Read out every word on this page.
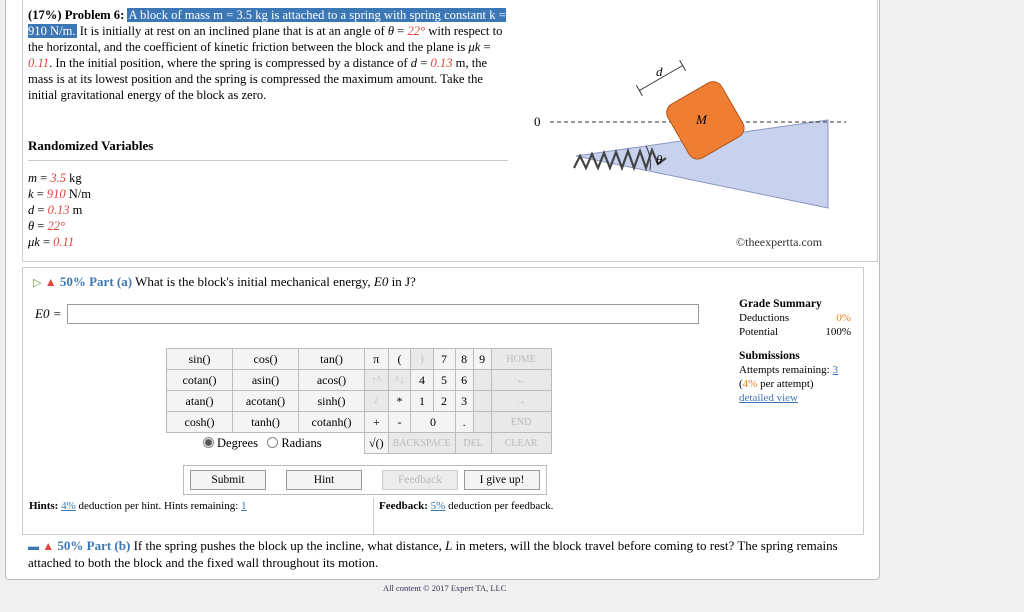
(17%) Problem 6: A block of mass m = 3.5 kg is attached to a spring with spring constant k = 910 N/m. It is initially at rest on an inclined plane that is at an angle of θ = 22° with respect to the horizontal, and the coefficient of kinetic friction between the block and the plane is μk = 0.11. In the initial position, where the spring is compressed by a distance of d = 0.13 m, the mass is at its lowest position and the spring is compressed the maximum amount. Take the initial gravitational energy of the block as zero.
Randomized Variables
m = 3.5 kg
k = 910 N/m
d = 0.13 m
θ = 22°
μk = 0.11
0	M
d
θ
©theexpertta.com
▷ ▲ 50% Part (a) What is the block's initial mechanical energy, E0 in J?
E0 =
Grade Summary
Deductions	0%
Potential	100%
Submissions
Attempts remaining: 3
(4% per attempt)
detailed view
sin()	cos()	tan()	π	(	)	7	8	9	HOME
cotan()	asin()	acos()	↑^	^↓	4	5	6		←
atan()	acotan()	sinh()	/	*	1	2	3		→
cosh()	tanh()	cotanh()	+	-	0		.		END
			√()	BACKSPACE			DEL		CLEAR
Degrees Radians
Submit	Hint	Feedback	I give up!
Hints: 4% deduction per hint. Hints remaining: 1	Feedback: 5% deduction per feedback.
▬ ▲ 50% Part (b) If the spring pushes the block up the incline, what distance, L in meters, will the block travel before coming to rest? The spring remains attached to both the block and the fixed wall throughout its motion.
All content © 2017 Expert TA, LLC
